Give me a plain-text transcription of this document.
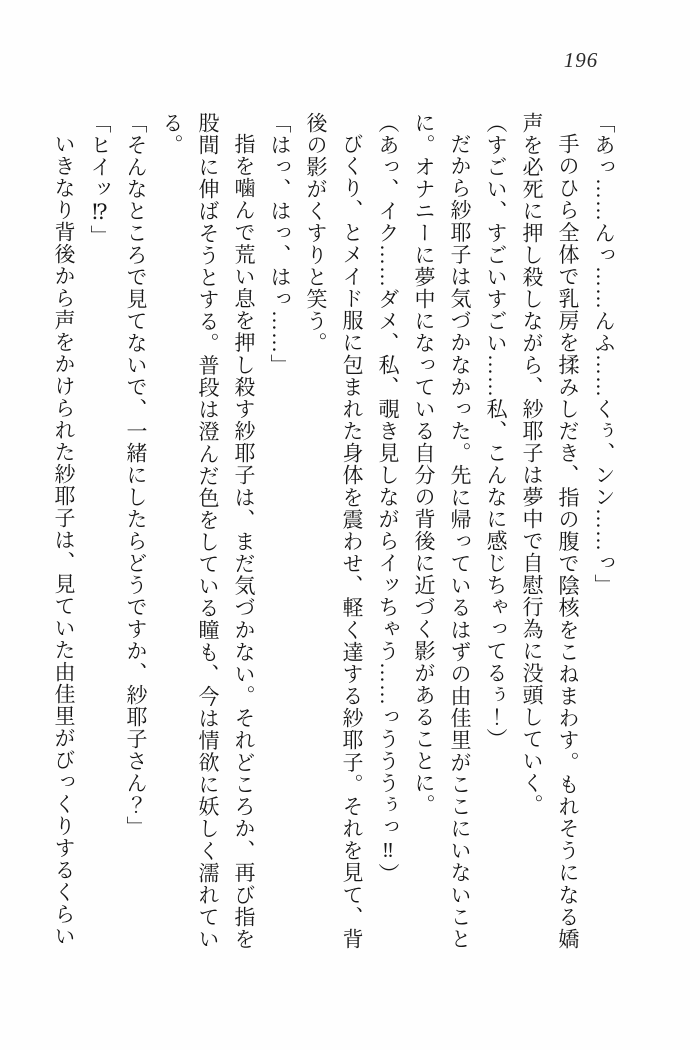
196

「あっ……んっ……んふ……くぅ、ンン……っ」

手のひら全体で乳房を揉みしだき、指の腹で陰核をこねまわす。もれそうになる嬌声を必死に押し殺しながら、紗耶子は夢中で自慰行為に没頭していく。

（すごい、すごいすごい……私、こんなに感じちゃってるぅ！）

だから紗耶子は気づかなかった。先に帰っているはずの由佳里がここにいないことに。オナニーに夢中になっている自分の背後に近づく影があることに。

（あっ、イク……ダメ、私、覗き見しながらイッちゃう……っうううぅっ‼）

びくり、とメイド服に包まれた身体を震わせ、軽く達する紗耶子。それを見て、背後の影がくすりと笑う。

「はっ、はっ、はっ……」

指を噛んで荒い息を押し殺す紗耶子は、まだ気づかない。それどころか、再び指を股間に伸ばそうとする。普段は澄んだ色をしている瞳も、今は情欲に妖しく濡れている。

「そんなところで見てないで、一緒にしたらどうですか、紗耶子さん？」

「ヒイッ⁉」

いきなり背後から声をかけられた紗耶子は、見ていた由佳里がびっくりするくらい
